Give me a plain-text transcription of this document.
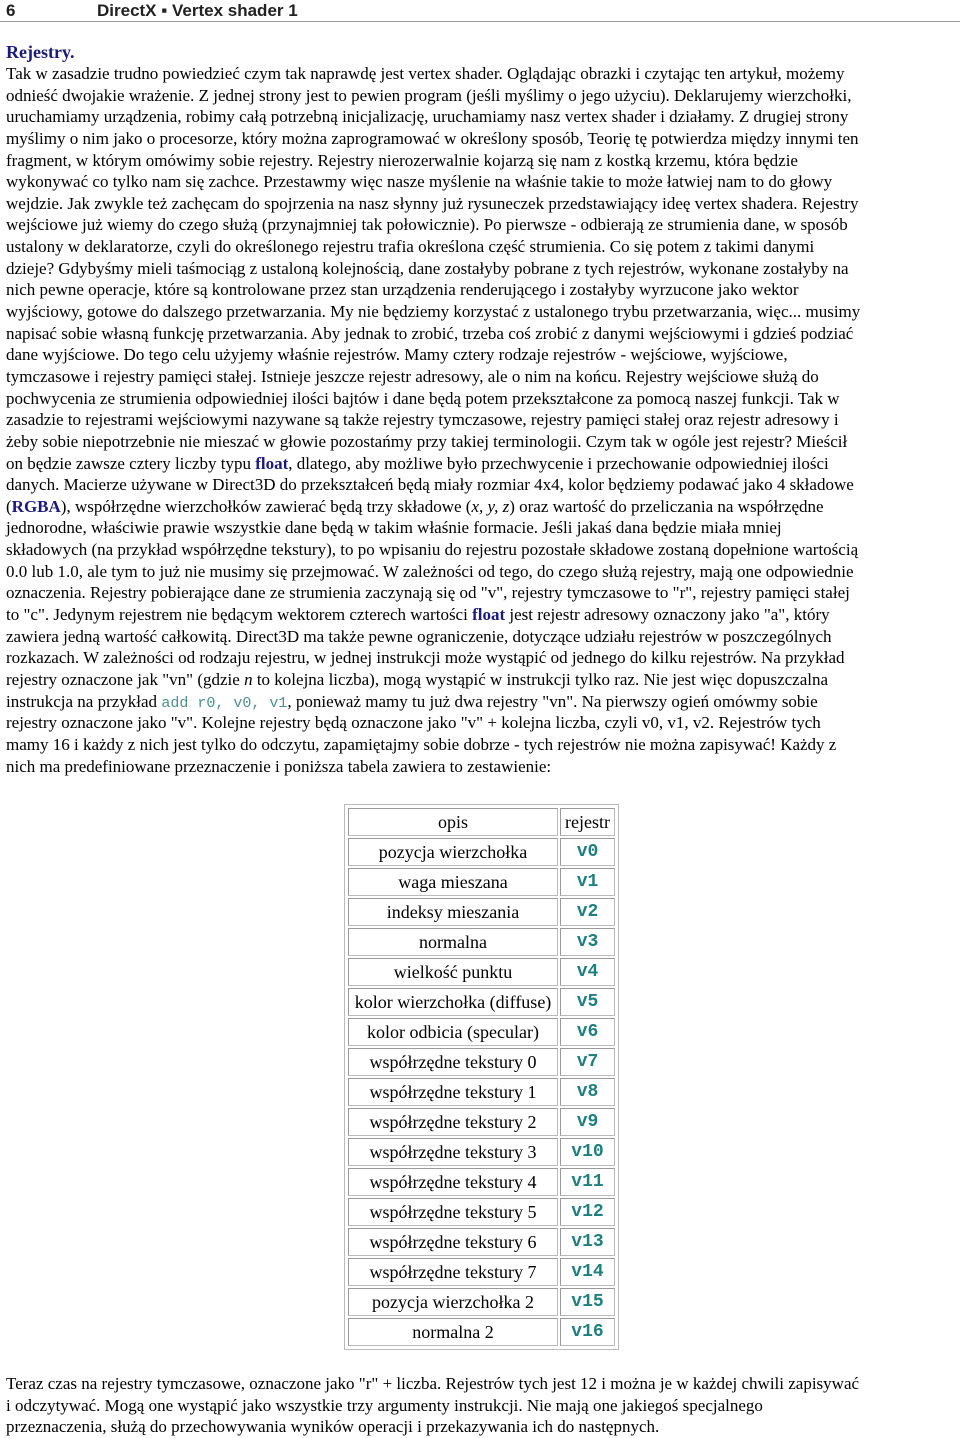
6	DirectX ▪ Vertex shader 1
Rejestry.
Tak w zasadzie trudno powiedzieć czym tak naprawdę jest vertex shader. Oglądając obrazki i czytając ten artykuł, możemy
odnieść dwojakie wrażenie. Z jednej strony jest to pewien program (jeśli myślimy o jego użyciu). Deklarujemy wierzchołki,
uruchamiamy urządzenia, robimy całą potrzebną inicjalizację, uruchamiamy nasz vertex shader i działamy. Z drugiej strony
myślimy o nim jako o procesorze, który można zaprogramować w określony sposób, Teorię tę potwierdza między innymi ten
fragment, w którym omówimy sobie rejestry. Rejestry nierozerwalnie kojarzą się nam z kostką krzemu, która będzie
wykonywać co tylko nam się zachce. Przestawmy więc nasze myślenie na właśnie takie to może łatwiej nam to do głowy
wejdzie. Jak zwykle też zachęcam do spojrzenia na nasz słynny już rysuneczek przedstawiający ideę vertex shadera. Rejestry
wejściowe już wiemy do czego służą (przynajmniej tak połowicznie). Po pierwsze - odbierają ze strumienia dane, w sposób
ustalony w deklaratorze, czyli do określonego rejestru trafia określona część strumienia. Co się potem z takimi danymi
dzieje? Gdybyśmy mieli taśmociąg z ustaloną kolejnością, dane zostałyby pobrane z tych rejestrów, wykonane zostałyby na
nich pewne operacje, które są kontrolowane przez stan urządzenia renderującego i zostałyby wyrzucone jako wektor
wyjściowy, gotowe do dalszego przetwarzania. My nie będziemy korzystać z ustalonego trybu przetwarzania, więc... musimy
napisać sobie własną funkcję przetwarzania. Aby jednak to zrobić, trzeba coś zrobić z danymi wejściowymi i gdzieś podziać
dane wyjściowe. Do tego celu użyjemy właśnie rejestrów. Mamy cztery rodzaje rejestrów - wejściowe, wyjściowe,
tymczasowe i rejestry pamięci stałej. Istnieje jeszcze rejestr adresowy, ale o nim na końcu. Rejestry wejściowe służą do
pochwycenia ze strumienia odpowiedniej ilości bajtów i dane będą potem przekształcone za pomocą naszej funkcji. Tak w
zasadzie to rejestrami wejściowymi nazywane są także rejestry tymczasowe, rejestry pamięci stałej oraz rejestr adresowy i
żeby sobie niepotrzebnie nie mieszać w głowie pozostańmy przy takiej terminologii. Czym tak w ogóle jest rejestr? Mieścił
on będzie zawsze cztery liczby typu float, dlatego, aby możliwe było przechwycenie i przechowanie odpowiedniej ilości
danych. Macierze używane w Direct3D do przekształceń będą miały rozmiar 4x4, kolor będziemy podawać jako 4 składowe
(RGBA), współrzędne wierzchołków zawierać będą trzy składowe (x, y, z) oraz wartość do przeliczania na współrzędne
jednorodne, właściwie prawie wszystkie dane będą w takim właśnie formacie. Jeśli jakaś dana będzie miała mniej
składowych (na przykład współrzędne tekstury), to po wpisaniu do rejestru pozostałe składowe zostaną dopełnione wartością
0.0 lub 1.0, ale tym to już nie musimy się przejmować. W zależności od tego, do czego służą rejestry, mają one odpowiednie
oznaczenia. Rejestry pobierające dane ze strumienia zaczynają się od "v", rejestry tymczasowe to "r", rejestry pamięci stałej
to "c". Jedynym rejestrem nie będącym wektorem czterech wartości float jest rejestr adresowy oznaczony jako "a", który
zawiera jedną wartość całkowitą. Direct3D ma także pewne ograniczenie, dotyczące udziału rejestrów w poszczególnych
rozkazach. W zależności od rodzaju rejestru, w jednej instrukcji może wystąpić od jednego do kilku rejestrów. Na przykład
rejestry oznaczone jak "vn" (gdzie n to kolejna liczba), mogą wystąpić w instrukcji tylko raz. Nie jest więc dopuszczalna
instrukcja na przykład add r0, v0, v1, ponieważ mamy tu już dwa rejestry "vn". Na pierwszy ogień omówmy sobie
rejestry oznaczone jako "v". Kolejne rejestry będą oznaczone jako "v" + kolejna liczba, czyli v0, v1, v2. Rejestrów tych
mamy 16 i każdy z nich jest tylko do odczytu, zapamiętajmy sobie dobrze - tych rejestrów nie można zapisywać! Każdy z
nich ma predefiniowane przeznaczenie i poniższa tabela zawiera to zestawienie:
opis	rejestr
pozycja wierzchołka	v0
waga mieszana	v1
indeksy mieszania	v2
normalna	v3
wielkość punktu	v4
kolor wierzchołka (diffuse)	v5
kolor odbicia (specular)	v6
współrzędne tekstury 0	v7
współrzędne tekstury 1	v8
współrzędne tekstury 2	v9
współrzędne tekstury 3	v10
współrzędne tekstury 4	v11
współrzędne tekstury 5	v12
współrzędne tekstury 6	v13
współrzędne tekstury 7	v14
pozycja wierzchołka 2	v15
normalna 2	v16
Teraz czas na rejestry tymczasowe, oznaczone jako "r" + liczba. Rejestrów tych jest 12 i można je w każdej chwili zapisywać
i odczytywać. Mogą one wystąpić jako wszystkie trzy argumenty instrukcji. Nie mają one jakiegoś specjalnego
przeznaczenia, służą do przechowywania wyników operacji i przekazywania ich do następnych.
